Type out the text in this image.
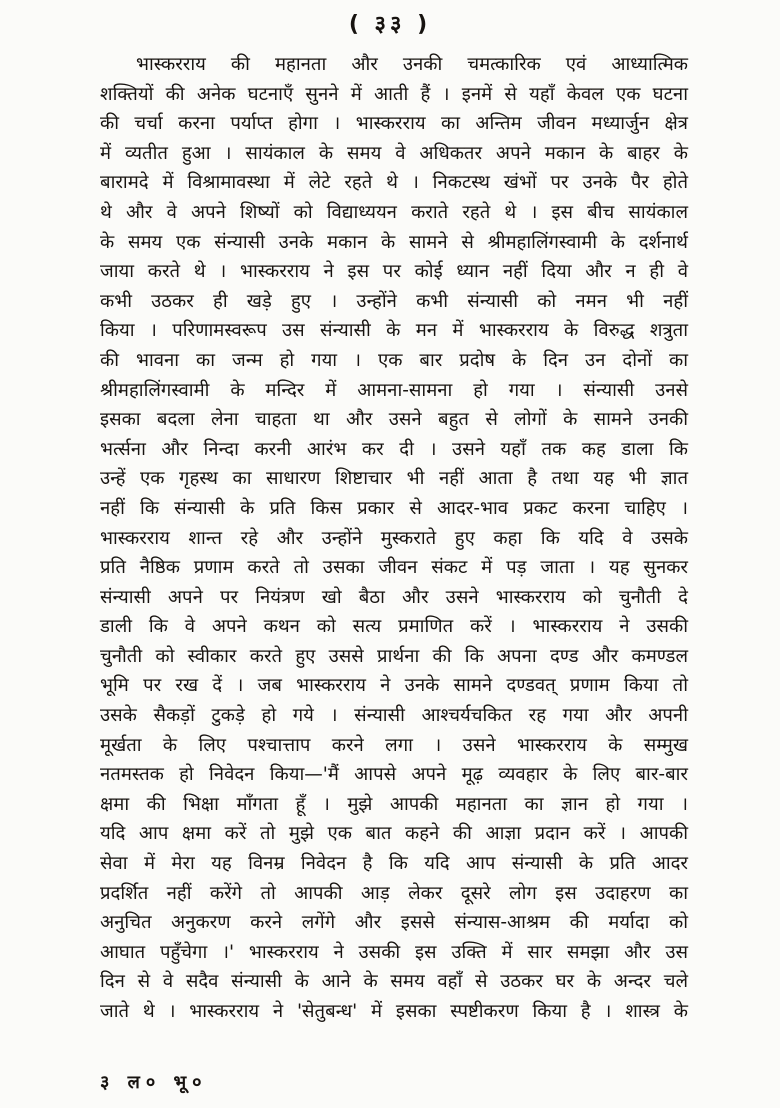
( ३३ )
भास्करराय की महानता और उनकी चमत्कारिक एवं आध्यात्मिक
शक्तियों की अनेक घटनाएँ सुनने में आती हैं । इनमें से यहाँ केवल एक घटना
की चर्चा करना पर्याप्त होगा । भास्करराय का अन्तिम जीवन मध्यार्जुन क्षेत्र
में व्यतीत हुआ । सायंकाल के समय वे अधिकतर अपने मकान के बाहर के
बारामदे में विश्रामावस्था में लेटे रहते थे । निकटस्थ खंभों पर उनके पैर होते
थे और वे अपने शिष्यों को विद्याध्ययन कराते रहते थे । इस बीच सायंकाल
के समय एक संन्यासी उनके मकान के सामने से श्रीमहालिंगस्वामी के दर्शनार्थ
जाया करते थे । भास्करराय ने इस पर कोई ध्यान नहीं दिया और न ही वे
कभी उठकर ही खड़े हुए । उन्होंने कभी संन्यासी को नमन भी नहीं
किया । परिणामस्वरूप उस संन्यासी के मन में भास्करराय के विरुद्ध शत्रुता
की भावना का जन्म हो गया । एक बार प्रदोष के दिन उन दोनों का
श्रीमहालिंगस्वामी के मन्दिर में आमना-सामना हो गया । संन्यासी उनसे
इसका बदला लेना चाहता था और उसने बहुत से लोगों के सामने उनकी
भर्त्सना और निन्दा करनी आरंभ कर दी । उसने यहाँ तक कह डाला कि
उन्हें एक गृहस्थ का साधारण शिष्टाचार भी नहीं आता है तथा यह भी ज्ञात
नहीं कि संन्यासी के प्रति किस प्रकार से आदर-भाव प्रकट करना चाहिए ।
भास्करराय शान्त रहे और उन्होंने मुस्कराते हुए कहा कि यदि वे उसके
प्रति नैष्ठिक प्रणाम करते तो उसका जीवन संकट में पड़ जाता । यह सुनकर
संन्यासी अपने पर नियंत्रण खो बैठा और उसने भास्करराय को चुनौती दे
डाली कि वे अपने कथन को सत्य प्रमाणित करें । भास्करराय ने उसकी
चुनौती को स्वीकार करते हुए उससे प्रार्थना की कि अपना दण्ड और कमण्डल
भूमि पर रख दें । जब भास्करराय ने उनके सामने दण्डवत् प्रणाम किया तो
उसके सैकड़ों टुकड़े हो गये । संन्यासी आश्चर्यचकित रह गया और अपनी
मूर्खता के लिए पश्चात्ताप करने लगा । उसने भास्करराय के सम्मुख
नतमस्तक हो निवेदन किया—'मैं आपसे अपने मूढ़ व्यवहार के लिए बार-बार
क्षमा की भिक्षा माँगता हूँ । मुझे आपकी महानता का ज्ञान हो गया ।
यदि आप क्षमा करें तो मुझे एक बात कहने की आज्ञा प्रदान करें । आपकी
सेवा में मेरा यह विनम्र निवेदन है कि यदि आप संन्यासी के प्रति आदर
प्रदर्शित नहीं करेंगे तो आपकी आड़ लेकर दूसरे लोग इस उदाहरण का
अनुचित अनुकरण करने लगेंगे और इससे संन्यास-आश्रम की मर्यादा को
आघात पहुँचेगा ।' भास्करराय ने उसकी इस उक्ति में सार समझा और उस
दिन से वे सदैव संन्यासी के आने के समय वहाँ से उठकर घर के अन्दर चले
जाते थे । भास्करराय ने 'सेतुबन्ध' में इसका स्पष्टीकरण किया है । शास्त्र के
३ ल० भू०
